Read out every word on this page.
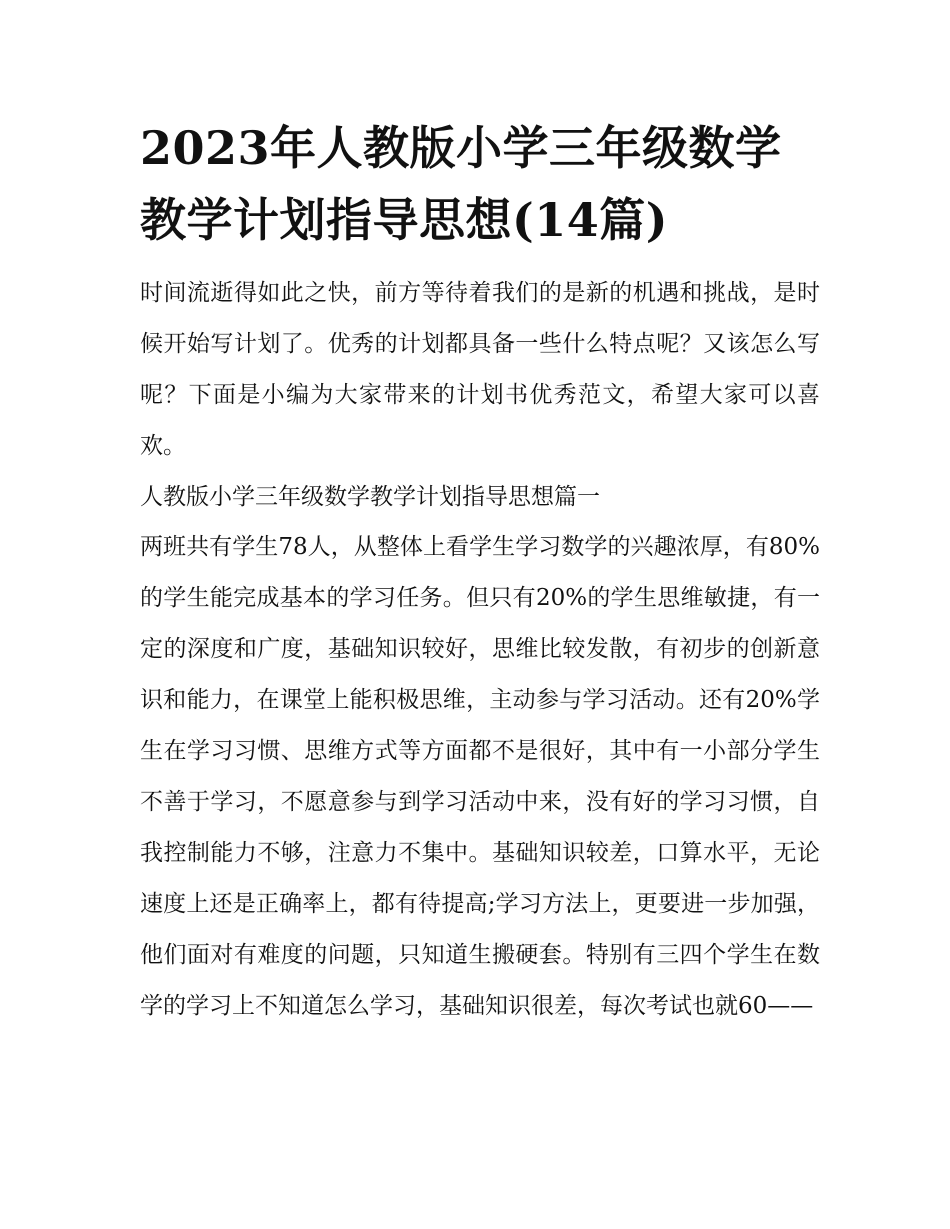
2023年人教版小学三年级数学教学计划指导思想(14篇)

时间流逝得如此之快，前方等待着我们的是新的机遇和挑战，是时候开始写计划了。优秀的计划都具备一些什么特点呢？又该怎么写呢？下面是小编为大家带来的计划书优秀范文，希望大家可以喜欢。

人教版小学三年级数学教学计划指导思想篇一

两班共有学生78人，从整体上看学生学习数学的兴趣浓厚，有80%的学生能完成基本的学习任务。但只有20%的学生思维敏捷，有一定的深度和广度，基础知识较好，思维比较发散，有初步的创新意识和能力，在课堂上能积极思维，主动参与学习活动。还有20%学生在学习习惯、思维方式等方面都不是很好，其中有一小部分学生不善于学习，不愿意参与到学习活动中来，没有好的学习习惯，自我控制能力不够，注意力不集中。基础知识较差，口算水平，无论速度上还是正确率上，都有待提高;学习方法上，更要进一步加强，他们面对有难度的问题，只知道生搬硬套。特别有三四个学生在数学的学习上不知道怎么学习，基础知识很差，每次考试也就60——
